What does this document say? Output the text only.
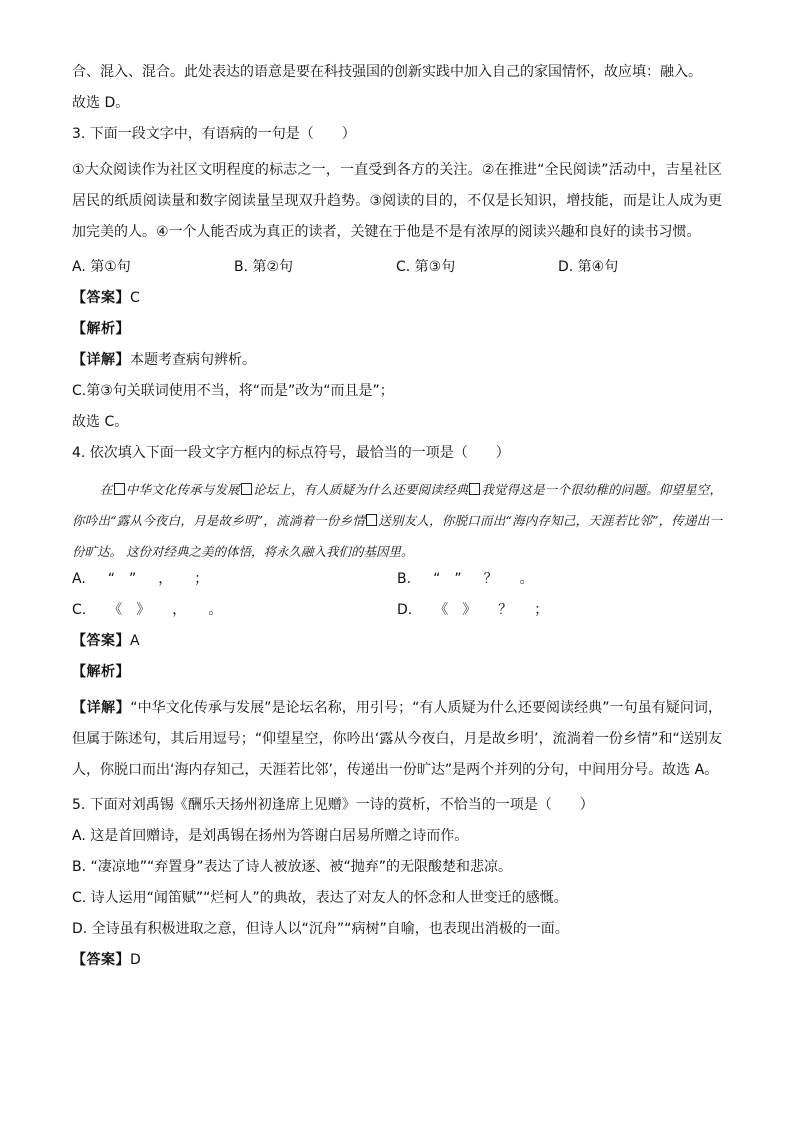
合、混入、混合。此处表达的语意是要在科技强国的创新实践中加入自己的家国情怀，故应填：融入。
故选 D。
3. 下面一段文字中，有语病的一句是（　　）
①大众阅读作为社区文明程度的标志之一，一直受到各方的关注。②在推进“全民阅读”活动中，吉星社区居民的纸质阅读量和数字阅读量呈现双升趋势。③阅读的目的，不仅是长知识，增技能，而是让人成为更加完美的人。④一个人能否成为真正的读者，关键在于他是不是有浓厚的阅读兴趣和良好的读书习惯。
A. 第①句	B. 第②句	C. 第③句	D. 第④句
【答案】C
【解析】
【详解】本题考查病句辨析。
C.第③句关联词使用不当，将“而是”改为“而且是”；
故选 C。
4. 依次填入下面一段文字方框内的标点符号，最恰当的一项是（　　）
在 中华文化传承与发展 论坛上，有人质疑为什么还要阅读经典 我觉得这是一个很幼稚的问题。仰望星空，你吟出“露从今夜白，月是故乡明”，流淌着一份乡情 送别友人，你脱口而出“海内存知己，天涯若比邻”，传递出一份旷达。 这份对经典之美的体悟，将永久融入我们的基因里。
A. “　” ， ；	B. “　” ？ 。
C. 《　》 ， 。	D. 《　》 ？ ；
【答案】A
【解析】
【详解】“中华文化传承与发展”是论坛名称，用引号；“有人质疑为什么还要阅读经典”一句虽有疑问词，但属于陈述句，其后用逗号；“仰望星空，你吟出‘露从今夜白，月是故乡明’，流淌着一份乡情”和“送别友人，你脱口而出‘海内存知己，天涯若比邻’，传递出一份旷达”是两个并列的分句，中间用分号。故选 A。
5. 下面对刘禹锡《酬乐天扬州初逢席上见赠》一诗的赏析，不恰当的一项是（　　）
A. 这是首回赠诗，是刘禹锡在扬州为答谢白居易所赠之诗而作。
B. “凄凉地”“弃置身”表达了诗人被放逐、被“抛弃”的无限酸楚和悲凉。
C. 诗人运用“闻笛赋”“烂柯人”的典故，表达了对友人的怀念和人世变迁的感慨。
D. 全诗虽有积极进取之意，但诗人以“沉舟”“病树”自喻，也表现出消极的一面。
【答案】D
